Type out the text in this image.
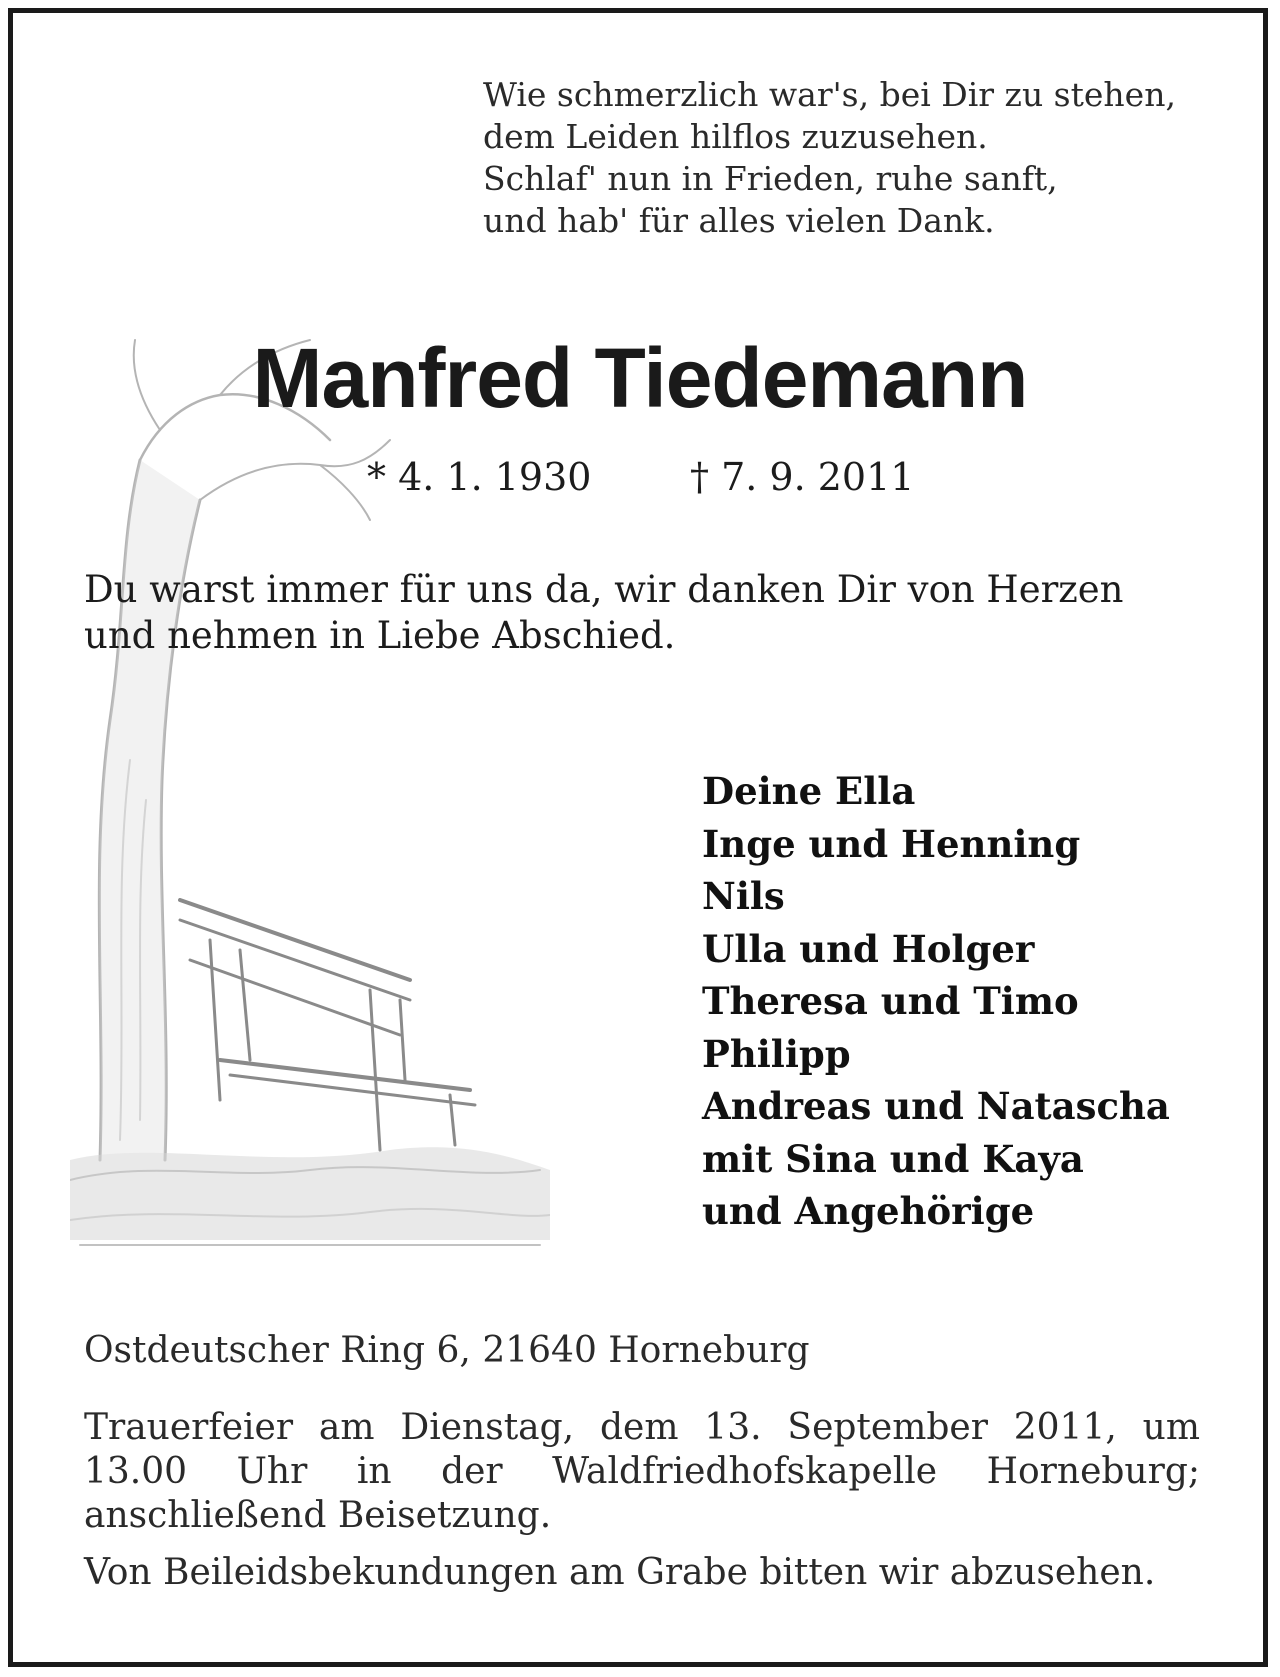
Wie schmerzlich war's, bei Dir zu stehen,
dem Leiden hilflos zuzusehen.
Schlaf' nun in Frieden, ruhe sanft,
und hab' für alles vielen Dank.
Manfred Tiedemann
* 4. 1. 1930	† 7. 9. 2011
Du warst immer für uns da, wir danken Dir von Herzen
und nehmen in Liebe Abschied.
Deine Ella
Inge und Henning
Nils
Ulla und Holger
Theresa und Timo
Philipp
Andreas und Natascha
mit Sina und Kaya
und Angehörige
Ostdeutscher Ring 6, 21640 Horneburg
Trauerfeier am Dienstag, dem 13. September 2011, um 13.00 Uhr in der Waldfriedhofskapelle Horneburg; anschließend Beisetzung.
Von Beileidsbekundungen am Grabe bitten wir abzusehen.
